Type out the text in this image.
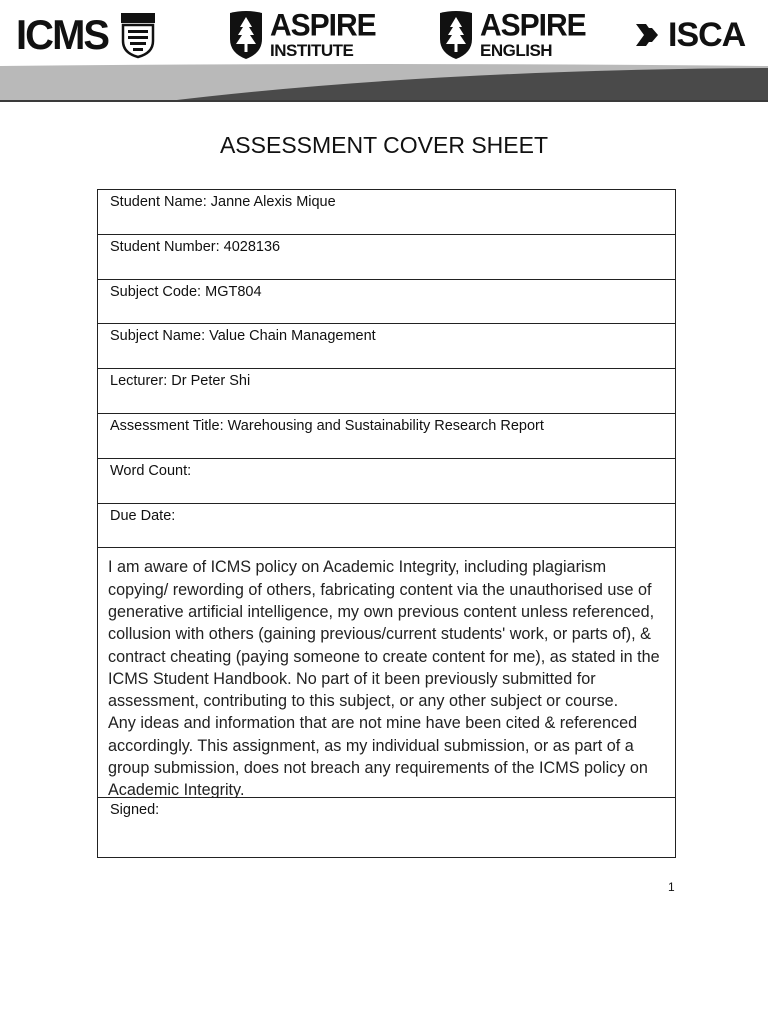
ICMS	ASPIRE
INSTITUTE
ASPIRE
ENGLISH	ISCA
ASSESSMENT COVER SHEET
Student Name: Janne Alexis Mique
Student Number: 4028136
Subject Code: MGT804
Subject Name: Value Chain Management
Lecturer: Dr Peter Shi
Assessment Title: Warehousing and Sustainability Research Report
Word Count:
Due Date:

I am aware of ICMS policy on Academic Integrity, including plagiarism copying/ rewording of others, fabricating content via the unauthorised use of generative artificial intelligence, my own previous content unless referenced, collusion with others (gaining previous/current students' work, or parts of), & contract cheating (paying someone to create content for me), as stated in the ICMS Student Handbook. No part of it been previously submitted for assessment, contributing to this subject, or any other subject or course.

Any ideas and information that are not mine have been cited & referenced accordingly. This assignment, as my individual submission, or as part of a group submission, does not breach any requirements of the ICMS policy on Academic Integrity.

Signed:
1
